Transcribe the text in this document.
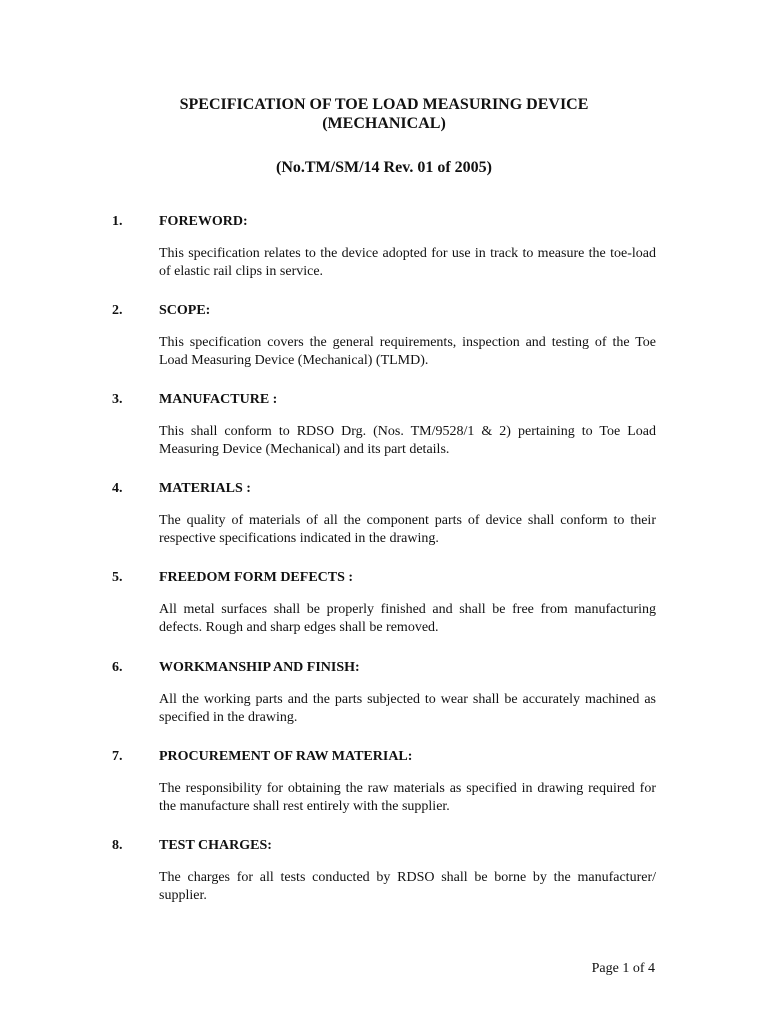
SPECIFICATION OF TOE LOAD MEASURING DEVICE
(MECHANICAL)
(No.TM/SM/14 Rev. 01 of 2005)
1.	FOREWORD:
This specification relates to the device adopted for use in track to measure the toe-load of elastic rail clips in service.
2.	SCOPE:
This specification covers the general requirements, inspection and testing of the Toe Load Measuring Device (Mechanical) (TLMD).
3.	MANUFACTURE :
This shall conform to RDSO Drg. (Nos. TM/9528/1 & 2) pertaining to Toe Load Measuring Device (Mechanical) and its part details.
4.	MATERIALS :
The quality of materials of all the component parts of device shall conform to their respective specifications indicated in the drawing.
5.	FREEDOM FORM DEFECTS :
All metal surfaces shall be properly finished and shall be free from manufacturing defects. Rough and sharp edges shall be removed.
6.	WORKMANSHIP AND FINISH:
All the working parts and the parts subjected to wear shall be accurately machined as specified in the drawing.
7.	PROCUREMENT OF RAW MATERIAL:
The responsibility for obtaining the raw materials as specified in drawing required for the manufacture shall rest entirely with the supplier.
8.	TEST CHARGES:
The charges for all tests conducted by RDSO shall be borne by the manufacturer/ supplier.
Page 1 of 4
